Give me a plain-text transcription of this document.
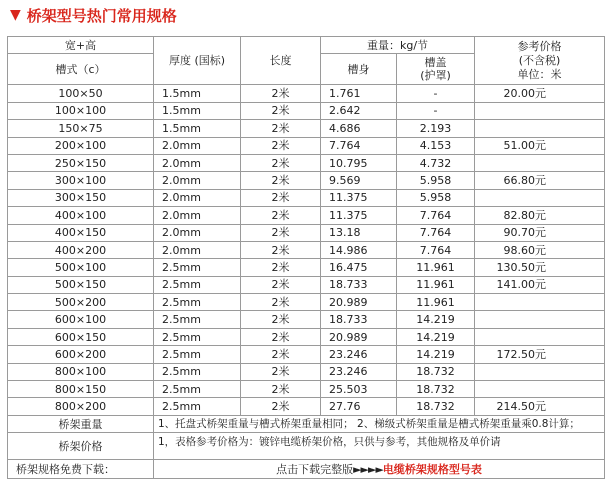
▼ 桥架型号热门常用规格
宽+高	厚度 (国标)	长度	重量：kg/节		参考价格
(不含税)
单位：米
槽式（c）			槽身	槽盖
(护罩)	
100×50	1.5mm	2米	1.761	-	20.00元
100×100	1.5mm	2米	2.642	-	
150×75	1.5mm	2米	4.686	2.193	
200×100	2.0mm	2米	7.764	4.153	51.00元
250×150	2.0mm	2米	10.795	4.732	
300×100	2.0mm	2米	9.569	5.958	66.80元
300×150	2.0mm	2米	11.375	5.958	
400×100	2.0mm	2米	11.375	7.764	82.80元
400×150	2.0mm	2米	13.18	7.764	90.70元
400×200	2.0mm	2米	14.986	7.764	98.60元
500×100	2.5mm	2米	16.475	11.961	130.50元
500×150	2.5mm	2米	18.733	11.961	141.00元
500×200	2.5mm	2米	20.989	11.961	
600×100	2.5mm	2米	18.733	14.219	
600×150	2.5mm	2米	20.989	14.219	
600×200	2.5mm	2米	23.246	14.219	172.50元
800×100	2.5mm	2米	23.246	18.732	
800×150	2.5mm	2米	25.503	18.732	
800×200	2.5mm	2米	27.76	18.732	214.50元
桥架重量	1、托盘式桥架重量与槽式桥架重量相同； 2、梯级式桥架重量是槽式桥架重量乘0.8计算；				
桥架价格	1，表格参考价格为：镀锌电缆桥架价格，只供与参考，其他规格及单价请				
桥架规格免费下载：	点击下载完整版►►►►电缆桥架规格型号表				
